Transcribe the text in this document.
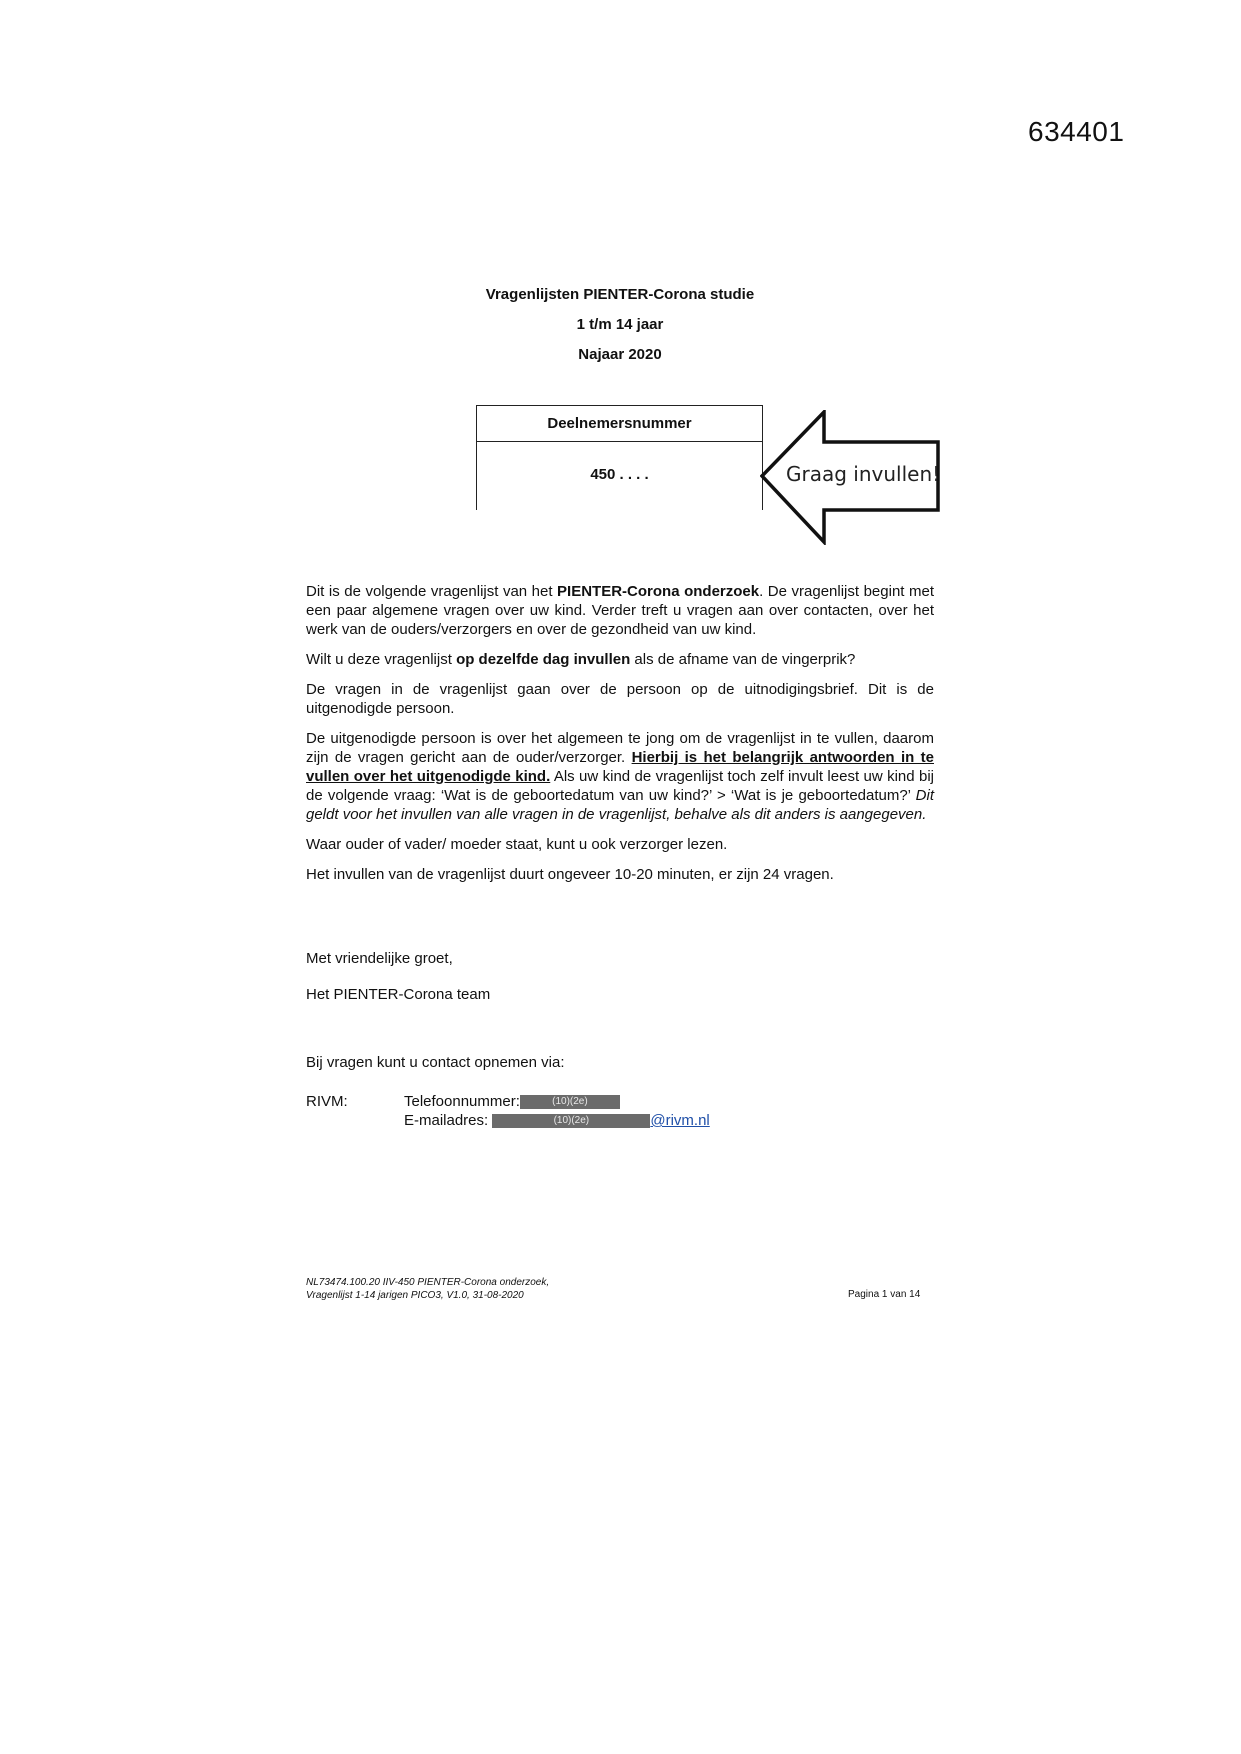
634401
Vragenlijsten PIENTER-Corona studie
1 t/m 14 jaar
Najaar 2020
Deelnemersnummer
450 . . . .	Graag invullen!

Dit is de volgende vragenlijst van het PIENTER-Corona onderzoek. De vragenlijst begint met een paar algemene vragen over uw kind. Verder treft u vragen aan over contacten, over het werk van de ouders/verzorgers en over de gezondheid van uw kind.

Wilt u deze vragenlijst op dezelfde dag invullen als de afname van de vingerprik?

De vragen in de vragenlijst gaan over de persoon op de uitnodigingsbrief. Dit is de uitgenodigde persoon.

De uitgenodigde persoon is over het algemeen te jong om de vragenlijst in te vullen, daarom zijn de vragen gericht aan de ouder/verzorger. Hierbij is het belangrijk antwoorden in te vullen over het uitgenodigde kind. Als uw kind de vragenlijst toch zelf invult leest uw kind bij de volgende vraag: ‘Wat is de geboortedatum van uw kind?’ > ‘Wat is je geboortedatum?’ Dit geldt voor het invullen van alle vragen in de vragenlijst, behalve als dit anders is aangegeven.

Waar ouder of vader/ moeder staat, kunt u ook verzorger lezen.

Het invullen van de vragenlijst duurt ongeveer 10-20 minuten, er zijn 24 vragen.

Met vriendelijke groet,
Het PIENTER-Corona team
Bij vragen kunt u contact opnemen via:
RIVM:	Telefoonnummer:	(10)(2e)
E-mailadres:	(10)(2e)	@rivm.nl
NL73474.100.20 IIV-450 PIENTER-Corona onderzoek,
Vragenlijst 1-14 jarigen PICO3, V1.0, 31-08-2020	Pagina 1 van 14
